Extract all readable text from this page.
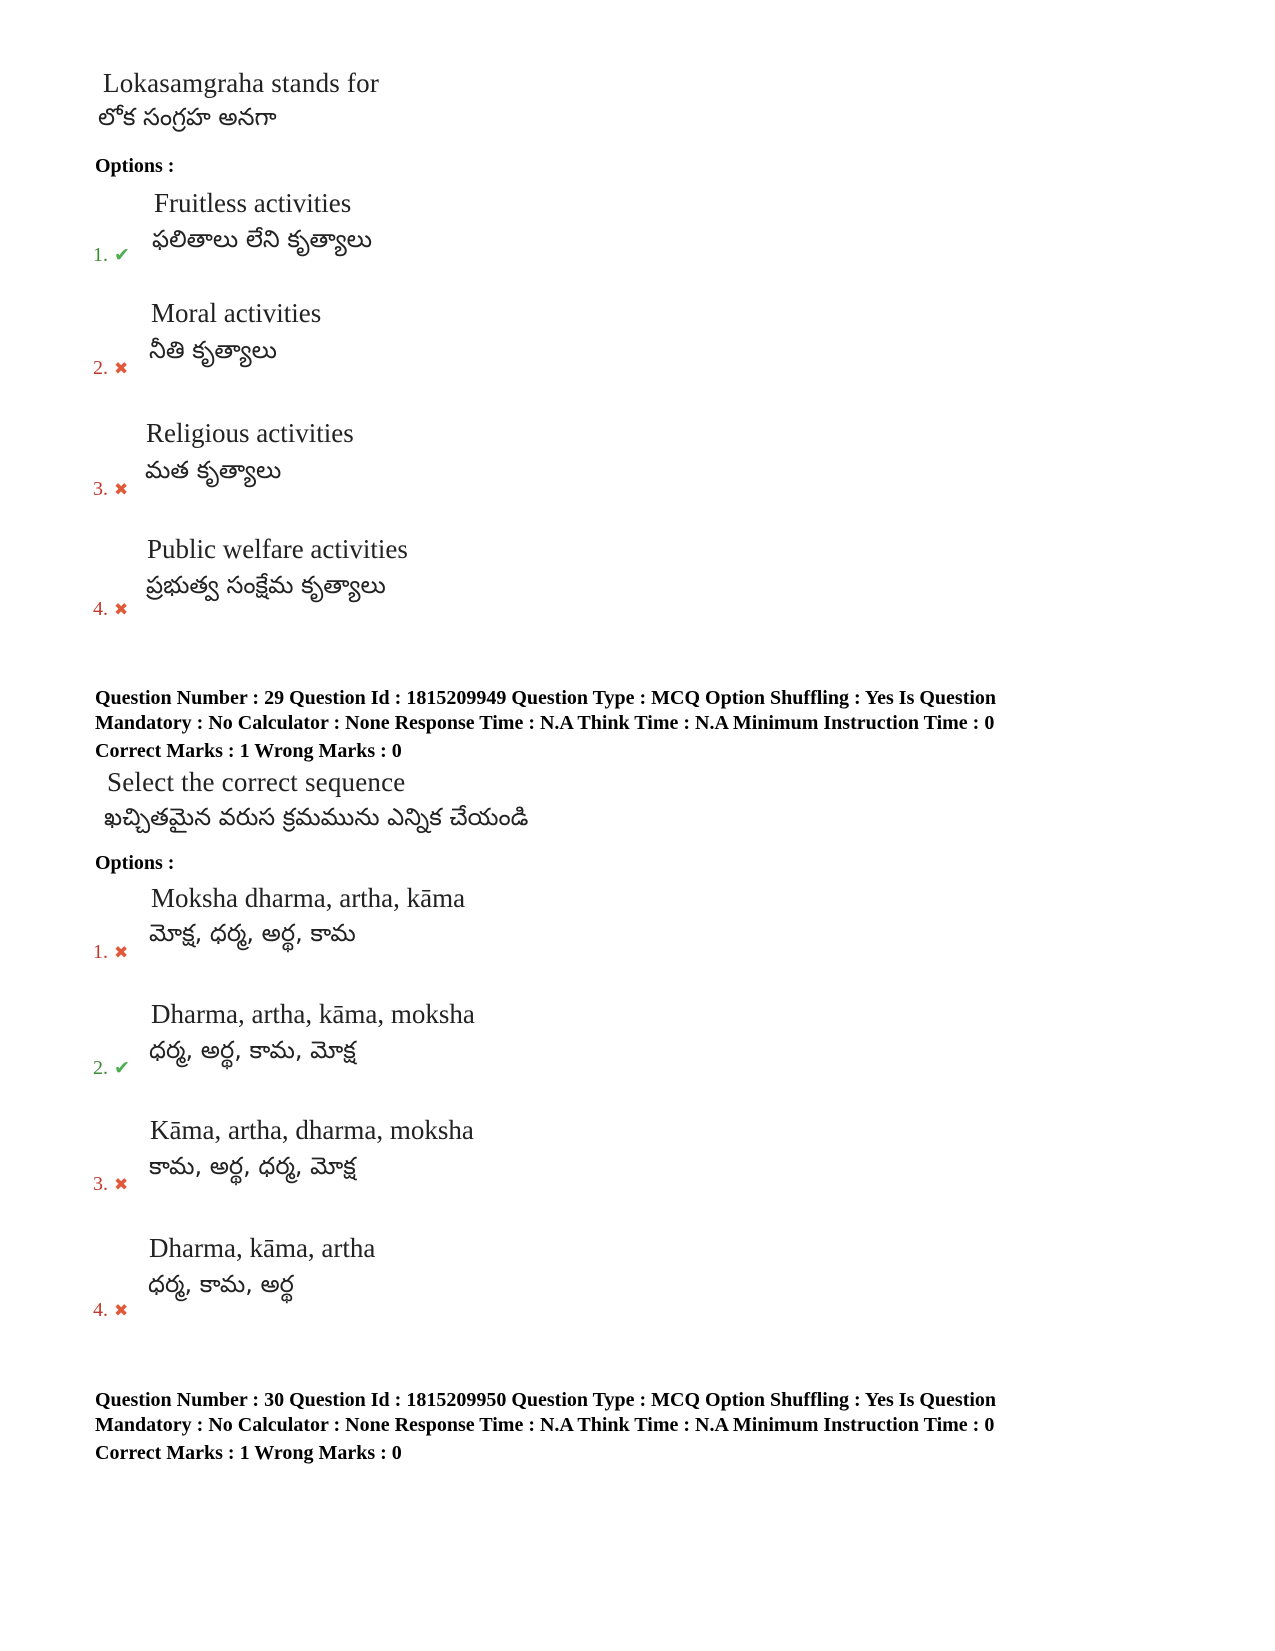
Lokasamgraha stands for
లోక సంగ్రహ అనగా
Options :
Fruitless activities
ఫలితాలు లేని కృత్యాలు
1. ✔
Moral activities
నీతి కృత్యాలు
2. ✖
Religious activities
మత కృత్యాలు
3. ✖
Public welfare activities
ప్రభుత్వ సంక్షేమ కృత్యాలు
4. ✖
Question Number : 29 Question Id : 1815209949 Question Type : MCQ Option Shuffling : Yes Is Question
Mandatory : No Calculator : None Response Time : N.A Think Time : N.A Minimum Instruction Time : 0
Correct Marks : 1 Wrong Marks : 0
Select the correct sequence
ఖచ్చితమైన వరుస క్రమమును ఎన్నిక చేయండి
Options :
Moksha dharma, artha, kāma
మోక్ష, ధర్మ, అర్థ, కామ
1. ✖
Dharma, artha, kāma, moksha
ధర్మ, అర్థ, కామ, మోక్ష
2. ✔
Kāma, artha, dharma, moksha
కామ, అర్థ, ధర్మ, మోక్ష
3. ✖
Dharma, kāma, artha
ధర్మ, కామ, అర్థ
4. ✖
Question Number : 30 Question Id : 1815209950 Question Type : MCQ Option Shuffling : Yes Is Question
Mandatory : No Calculator : None Response Time : N.A Think Time : N.A Minimum Instruction Time : 0
Correct Marks : 1 Wrong Marks : 0
